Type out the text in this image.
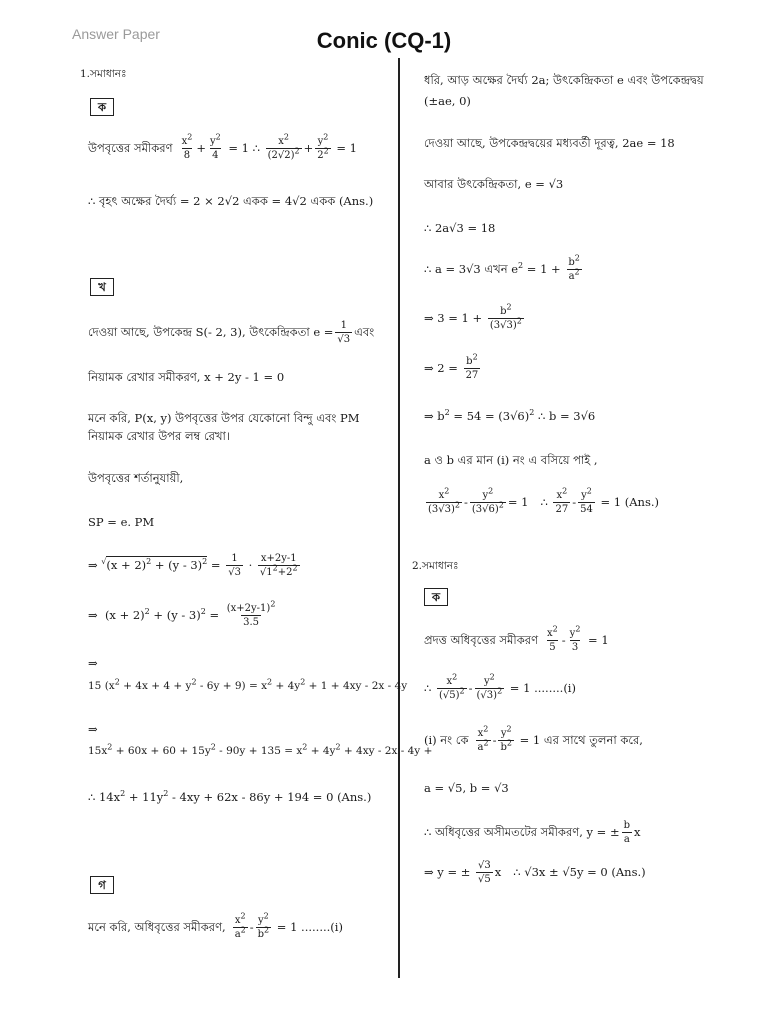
Answer Paper	Conic (CQ-1)
1.সমাধানঃ
ক
উপবৃত্তের সমীকরণ $x^2$
8
+ $\frac{y^2}{4} = 1$ ∴ $x^2$
$(2√2)^2 + \frac{y^2}{2^2} = 1$
∴ বৃহৎ অক্ষের দৈর্ঘ্য = 2 × 2√2 একক = 4√2 একক (Ans.)
খ
দেওয়া আছে, উপকেন্দ্র S(- 2, 3), উৎকেন্দ্রিকতা $e = \frac{1}{√3}$ এবং
নিয়ামক রেখার সমীকরণ, x + 2y - 1 = 0
মনে করি, P(x, y) উপবৃত্তের উপর যেকোনো বিন্দু এবং PM
নিয়ামক রেখার উপর লম্ব রেখা।
উপবৃত্তের শর্তানুযায়ী,
SP = e. PM
⇒ $^√(x + 2)^2 + (y - 3)^2 = \frac{1}{√3} \cdot x+2y-1$
$√1^2+2^2$
⇒  $(x + 2)^2 + (y - 3)^2 = \frac{(x+2y-1)^2}{3.5}$
⇒
15 $(x^2 + 4x + 4 + y^2 - 6y + 9) = x^2 + 4y^2 + 1 + 4xy - 2x - 4y$
⇒
$15x^2 + 60x + 60 + 15y^2 - 90y + 135 = x^2 + 4y^2 + 4xy - 2x - 4y$ +
∴ $14x^2 + 11y^2 - 4xy + 62x - 86y + 194 = 0$ (Ans.)
গ
মনে করি, অধিবৃত্তের সমীকরণ, $x^2$
$a^2 - \frac{y^2}{b^2} = 1$ ........(i)
ধরি, আড় অক্ষের দৈর্ঘ্য 2a; উৎকেন্দ্রিকতা e এবং উপকেন্দ্রদ্বয়
(±ae, 0)
দেওয়া আছে, উপকেন্দ্রদ্বয়ের মধ্যবর্তী দূরত্ব, 2ae = 18
আবার উৎকেন্দ্রিকতা, e = √3
∴ 2a√3 = 18
∴ a = 3√3 এখন $e^2 = 1 + \frac{b^2}{a^2}$
⇒ $3 = 1 + \frac{b^2}{(3√3)^2}$
⇒ $2 = \frac{b^2}{27}$
⇒ $b^2 = 54 = (3√6)^2$ ∴ b = 3√6
a ও b এর মান (i) নং এ বসিয়ে পাই ,
$x^2$
$(3√3)^2 - \frac{y^2}{(3√6)^2} = 1$ ∴ $x^2$
27
- $\frac{y^2}{54} = 1$ (Ans.)
2.সমাধানঃ
ক
প্রদত্ত অধিবৃত্তের সমীকরণ $x^2$
5
- $\frac{y^2}{3} = 1$
∴ $x^2$
$(√5)^2 - \frac{y^2}{(√3)^2} = 1$ ........(i)
(i) নং কে $x^2$
$a^2 - \frac{y^2}{b^2} = 1$ এর সাথে তুলনা করে,
a = √5, b = √3
∴ অধিবৃত্তের অসীমতটের সমীকরণ, y = ± $\frac{b}{a}$ x
⇒ y = ± $\frac{√3}{√5}$ x ∴ √3x ± √5y = 0 (Ans.)
